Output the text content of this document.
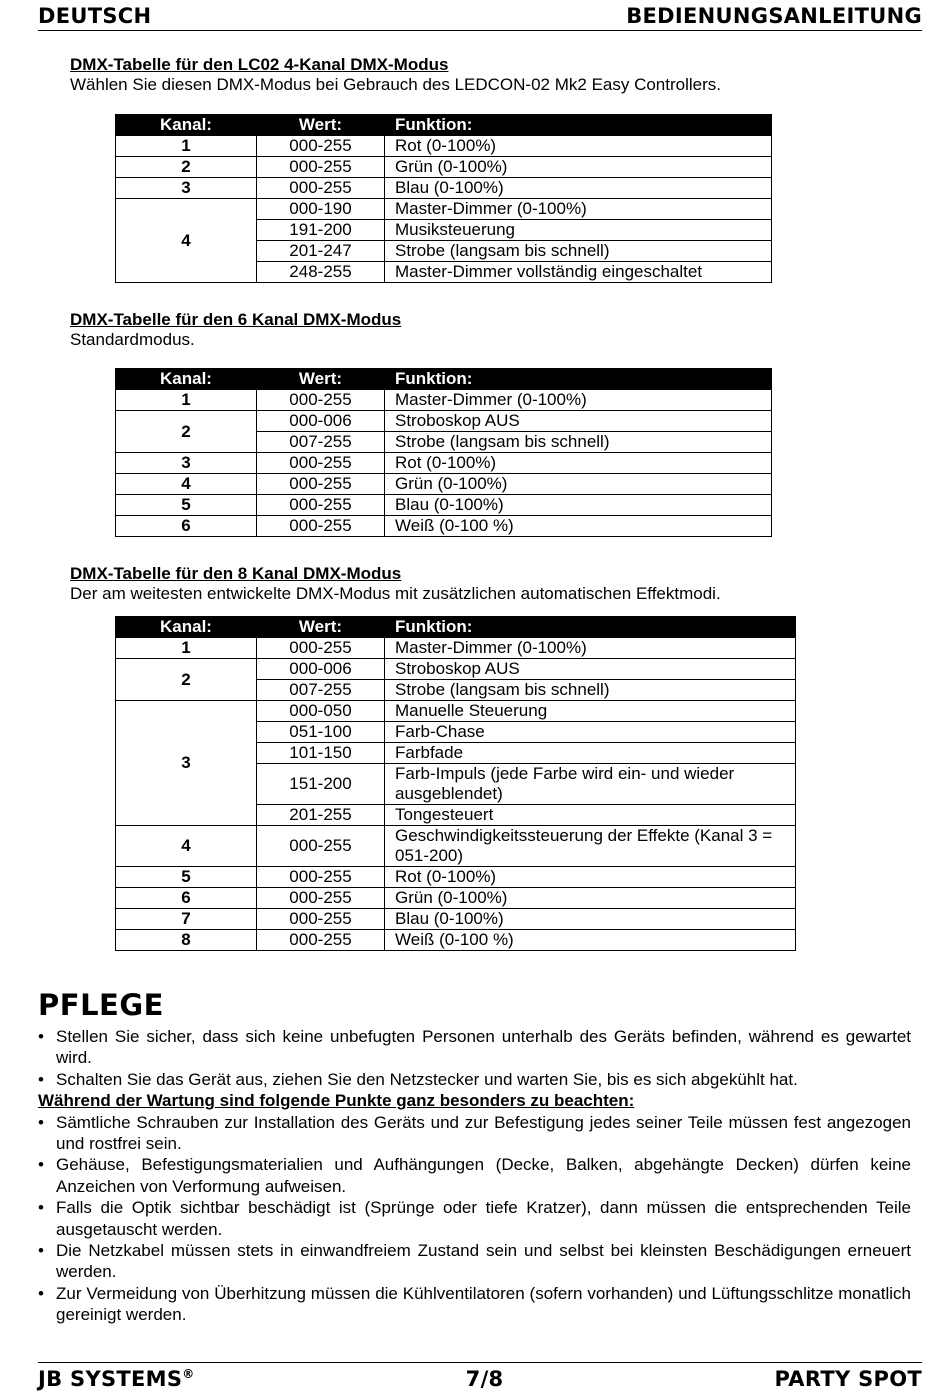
DEUTSCH	BEDIENUNGSANLEITUNG
DMX-Tabelle für den LC02 4-Kanal DMX-Modus
Wählen Sie diesen DMX-Modus bei Gebrauch des LEDCON-02 Mk2 Easy Controllers.
Kanal:	Wert:	Funktion:
1	000-255	Rot (0-100%)
2	000-255	Grün (0-100%)
3	000-255	Blau (0-100%)
4	000-190	Master-Dimmer (0-100%)
	191-200	Musiksteuerung
	201-247	Strobe (langsam bis schnell)
	248-255	Master-Dimmer vollständig eingeschaltet
DMX-Tabelle für den 6 Kanal DMX-Modus
Standardmodus.
Kanal:	Wert:	Funktion:
1	000-255	Master-Dimmer (0-100%)
2	000-006	Stroboskop AUS
	007-255	Strobe (langsam bis schnell)
3	000-255	Rot (0-100%)
4	000-255	Grün (0-100%)
5	000-255	Blau (0-100%)
6	000-255	Weiß (0-100 %)
DMX-Tabelle für den 8 Kanal DMX-Modus
Der am weitesten entwickelte DMX-Modus mit zusätzlichen automatischen Effektmodi.
Kanal:	Wert:	Funktion:
1	000-255	Master-Dimmer (0-100%)
2	000-006	Stroboskop AUS
	007-255	Strobe (langsam bis schnell)
3	000-050	Manuelle Steuerung
	051-100	Farb-Chase
	101-150	Farbfade
	151-200	Farb-Impuls (jede Farbe wird ein- und wieder ausgeblendet)
	201-255	Tongesteuert
4	000-255	Geschwindigkeitssteuerung der Effekte (Kanal 3 = 051-200)
5	000-255	Rot (0-100%)
6	000-255	Grün (0-100%)
7	000-255	Blau (0-100%)
8	000-255	Weiß (0-100 %)
PFLEGE
• Stellen Sie sicher, dass sich keine unbefugten Personen unterhalb des Geräts befinden, während es gewartet wird.
• Schalten Sie das Gerät aus, ziehen Sie den Netzstecker und warten Sie, bis es sich abgekühlt hat.
Während der Wartung sind folgende Punkte ganz besonders zu beachten:
• Sämtliche Schrauben zur Installation des Geräts und zur Befestigung jedes seiner Teile müssen fest angezogen und rostfrei sein.
• Gehäuse, Befestigungsmaterialien und Aufhängungen (Decke, Balken, abgehängte Decken) dürfen keine Anzeichen von Verformung aufweisen.
• Falls die Optik sichtbar beschädigt ist (Sprünge oder tiefe Kratzer), dann müssen die entsprechenden Teile ausgetauscht werden.
• Die Netzkabel müssen stets in einwandfreiem Zustand sein und selbst bei kleinsten Beschädigungen erneuert werden.
• Zur Vermeidung von Überhitzung müssen die Kühlventilatoren (sofern vorhanden) und Lüftungsschlitze monatlich gereinigt werden.
JB SYSTEMS®	7/8	PARTY SPOT
